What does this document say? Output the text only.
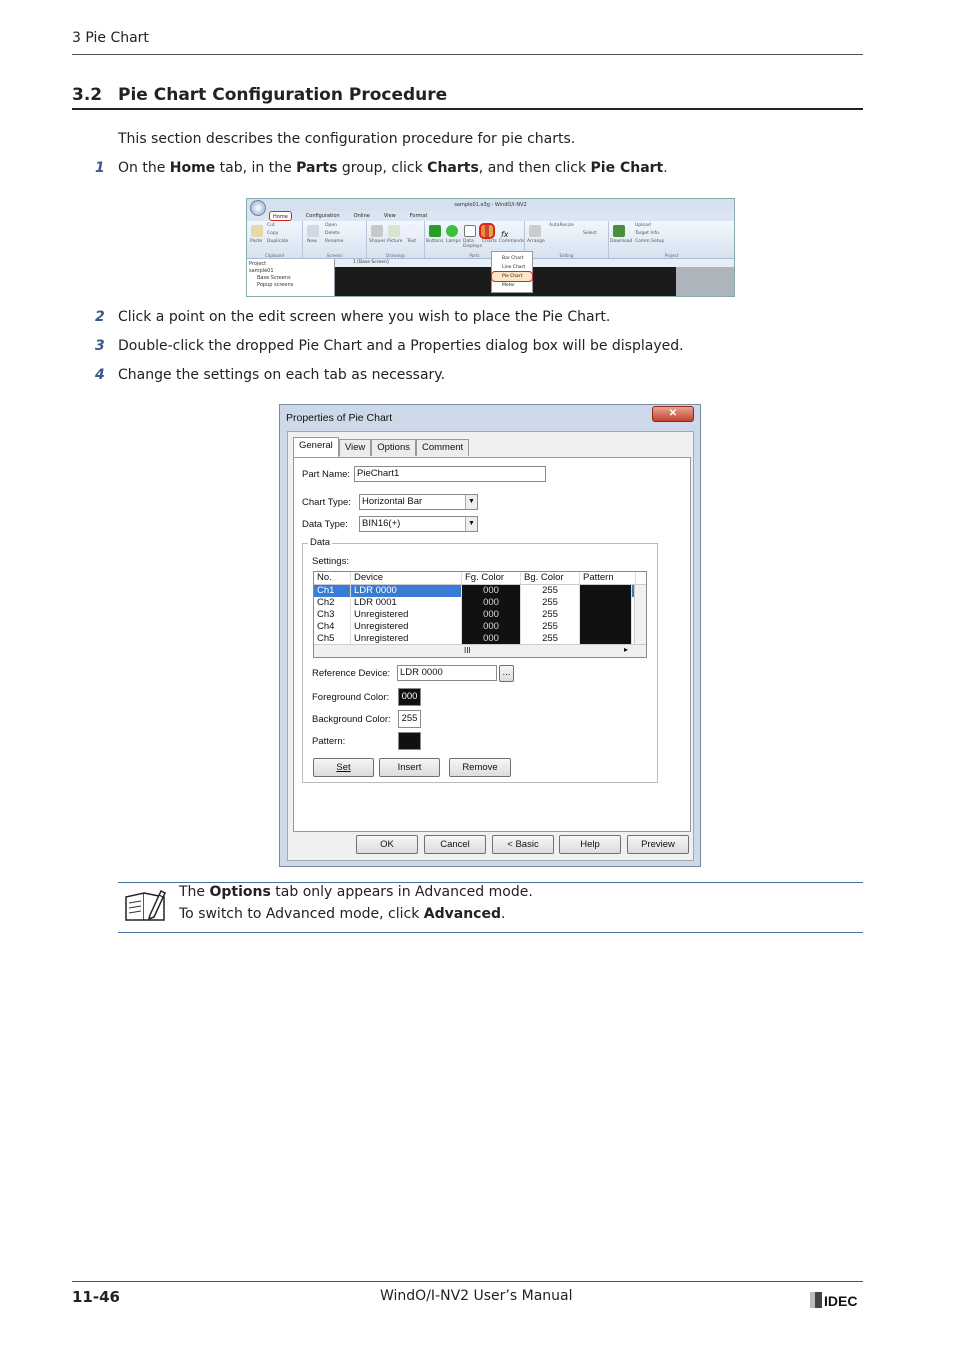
3 Pie Chart
3.2 Pie Chart Configuration Procedure
This section describes the configuration procedure for pie charts.
1 On the Home tab, in the Parts group, click Charts, and then click Pie Chart.
sample01.e3g - WindO/I-NV2
Home	Configuration	Online	View	Format
Cut
Copy
Duplicate
Paste
Clipboard
Open
Delete
Rename
New
Screens

Shapes Picture Text
Drawings
fx
Buttons Lamps Data Displays
Charts Commands
Parts
Arrange
AutoResize
Select
Editing
Download
Upload
Target Info.
Comm.Setup
Project
Project
sample01
Base Screens
Popup screens
1 [Base Screen]
Bar Chart
Line Chart
Pie Chart
Meter
2 Click a point on the edit screen where you wish to place the Pie Chart.
3 Double-click the dropped Pie Chart and a Properties dialog box will be displayed.
4 Change the settings on each tab as necessary.
Properties of Pie Chart	✕
General	View	Options	Comment
Part Name: PieChart1
Chart Type:	Horizontal Bar	▼
Data Type:	BIN16(+)	▼
Data
Settings:
No.	Device	Fg. Color	Bg. Color	Pattern
Ch1	LDR 0000	000	255
Ch2	LDR 0001	000	255
Ch3	Unregistered	000	255
Ch4	Unregistered	000	255
Ch5	Unregistered	000	255
III	▸
Reference Device:	LDR 0000	...
Foreground Color:	000
Background Color:	255
Pattern:
Set	Insert	Remove
OK	Cancel	< Basic	Help	Preview
The Options tab only appears in Advanced mode.
To switch to Advanced mode, click Advanced.
11-46	WindO/I-NV2 User’s Manual	IDEC
